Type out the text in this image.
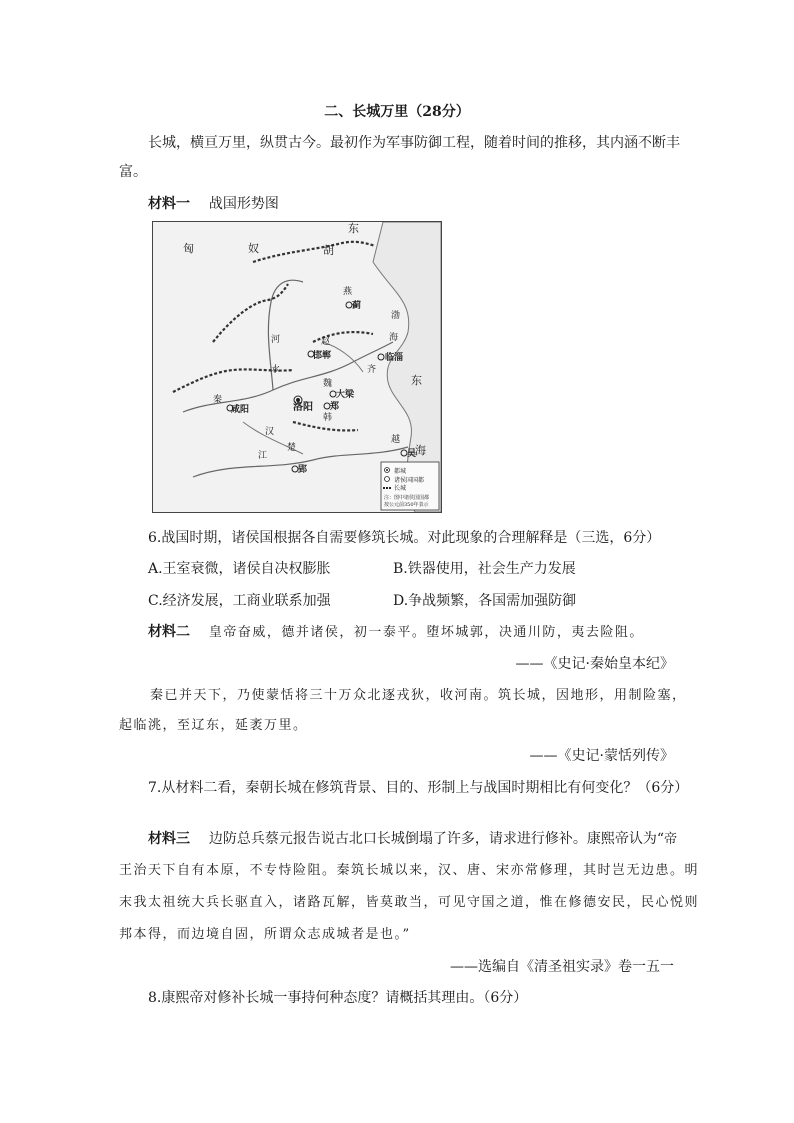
二、长城万里（28分）
长城，横亘万里，纵贯古今。最初作为军事防御工程，随着时间的推移，其内涵不断丰
富。
材料一 战国形势图
东
匈	奴	胡
燕
蓟
渤
海
赵
邯郸	临淄
齐
河
水
秦
咸阳	洛阳
大梁
郑
魏
韩
东
海
汉
江
楚
郢
越
吴
都城
诸侯国国都
长城
注：图中诸侯国国都
按公元前350年表示
6.战国时期，诸侯国根据各自需要修筑长城。对此现象的合理解释是（三选，6分）
A.王室衰微，诸侯自决权膨胀	B.铁器使用，社会生产力发展
C.经济发展，工商业联系加强	D.争战频繁，各国需加强防御
材料二 皇帝奋威，德并诸侯，初一泰平。堕坏城郭，决通川防，夷去险阻。
——《史记·秦始皇本纪》
秦已并天下，乃使蒙恬将三十万众北逐戎狄，收河南。筑长城，因地形，用制险塞，
起临洮，至辽东，延袤万里。
——《史记·蒙恬列传》
7.从材料二看，秦朝长城在修筑背景、目的、形制上与战国时期相比有何变化？（6分）
材料三 边防总兵蔡元报告说古北口长城倒塌了许多，请求进行修补。康熙帝认为“帝
王治天下自有本原，不专恃险阻。秦筑长城以来，汉、唐、宋亦常修理，其时岂无边患。明
末我太祖统大兵长驱直入，诸路瓦解，皆莫敢当，可见守国之道，惟在修德安民，民心悦则
邦本得，而边境自固，所谓众志成城者是也。”
——选编自《清圣祖实录》卷一五一
8.康熙帝对修补长城一事持何种态度？请概括其理由。（6分）
